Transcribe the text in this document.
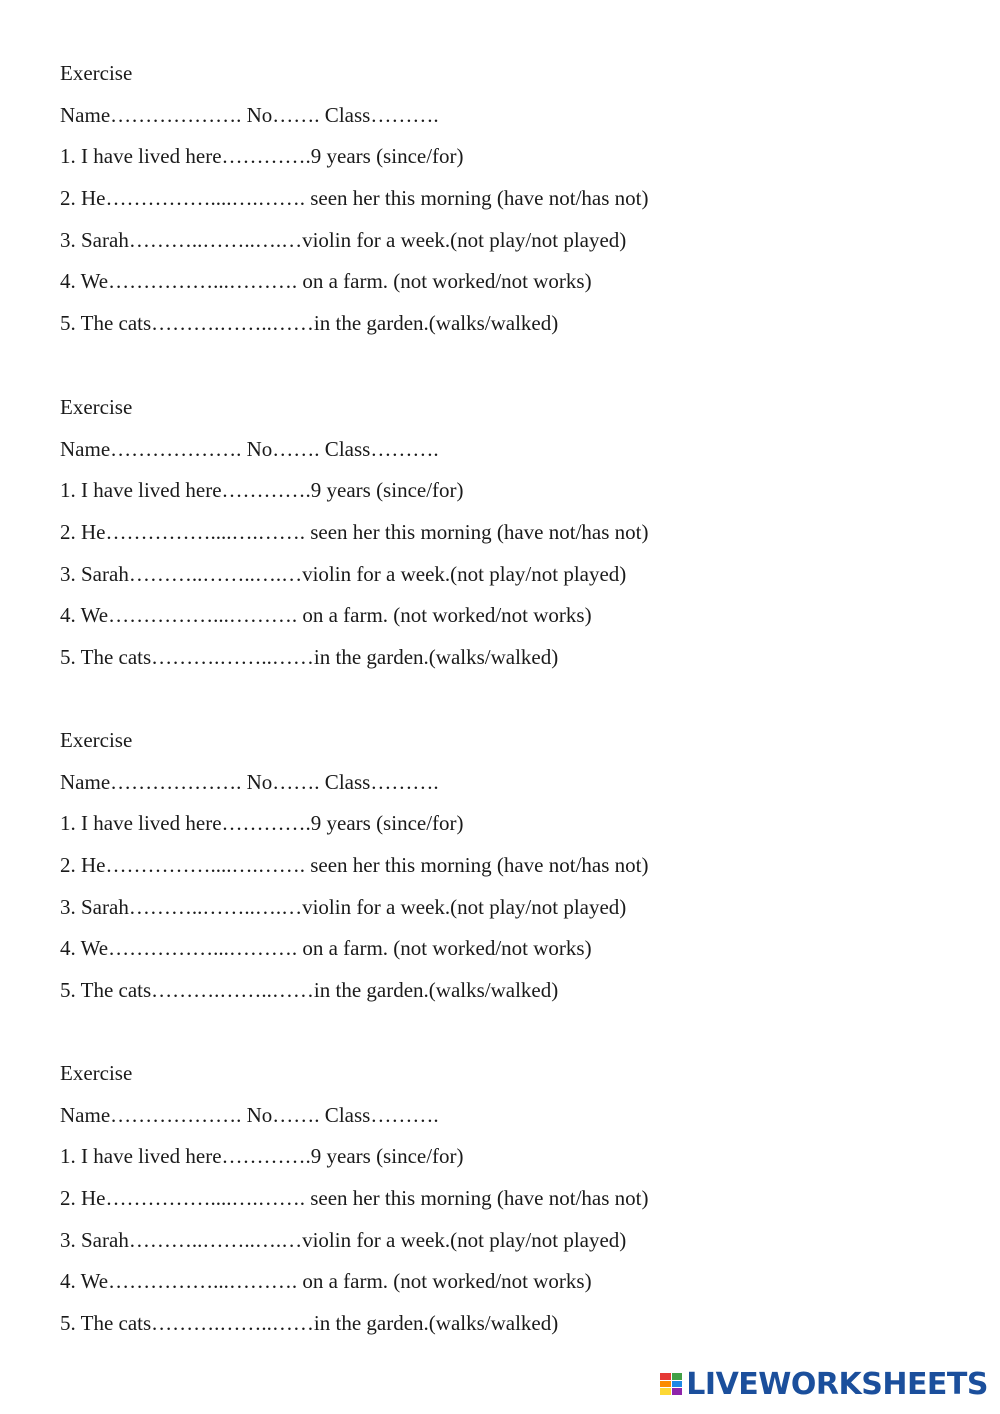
Exercise
Name………………. No……. Class……….
1. I have lived here………….9 years (since/for)
2. He……………....….……. seen her this morning (have not/has not)
3. Sarah………..……..….…violin for a week.(not play/not played)
4. We……………...………. on a farm. (not worked/not works)
5. The cats……….……..……in the garden.(walks/walked)
Exercise
Name………………. No……. Class……….
1. I have lived here………….9 years (since/for)
2. He……………....….……. seen her this morning (have not/has not)
3. Sarah………..……..….…violin for a week.(not play/not played)
4. We……………...………. on a farm. (not worked/not works)
5. The cats……….……..……in the garden.(walks/walked)
Exercise
Name………………. No……. Class……….
1. I have lived here………….9 years (since/for)
2. He……………....….……. seen her this morning (have not/has not)
3. Sarah………..……..….…violin for a week.(not play/not played)
4. We……………...………. on a farm. (not worked/not works)
5. The cats……….……..……in the garden.(walks/walked)
Exercise
Name………………. No……. Class……….
1. I have lived here………….9 years (since/for)
2. He……………....….……. seen her this morning (have not/has not)
3. Sarah………..……..….…violin for a week.(not play/not played)
4. We……………...………. on a farm. (not worked/not works)
5. The cats……….……..……in the garden.(walks/walked)
LIVEWORKSHEETS
